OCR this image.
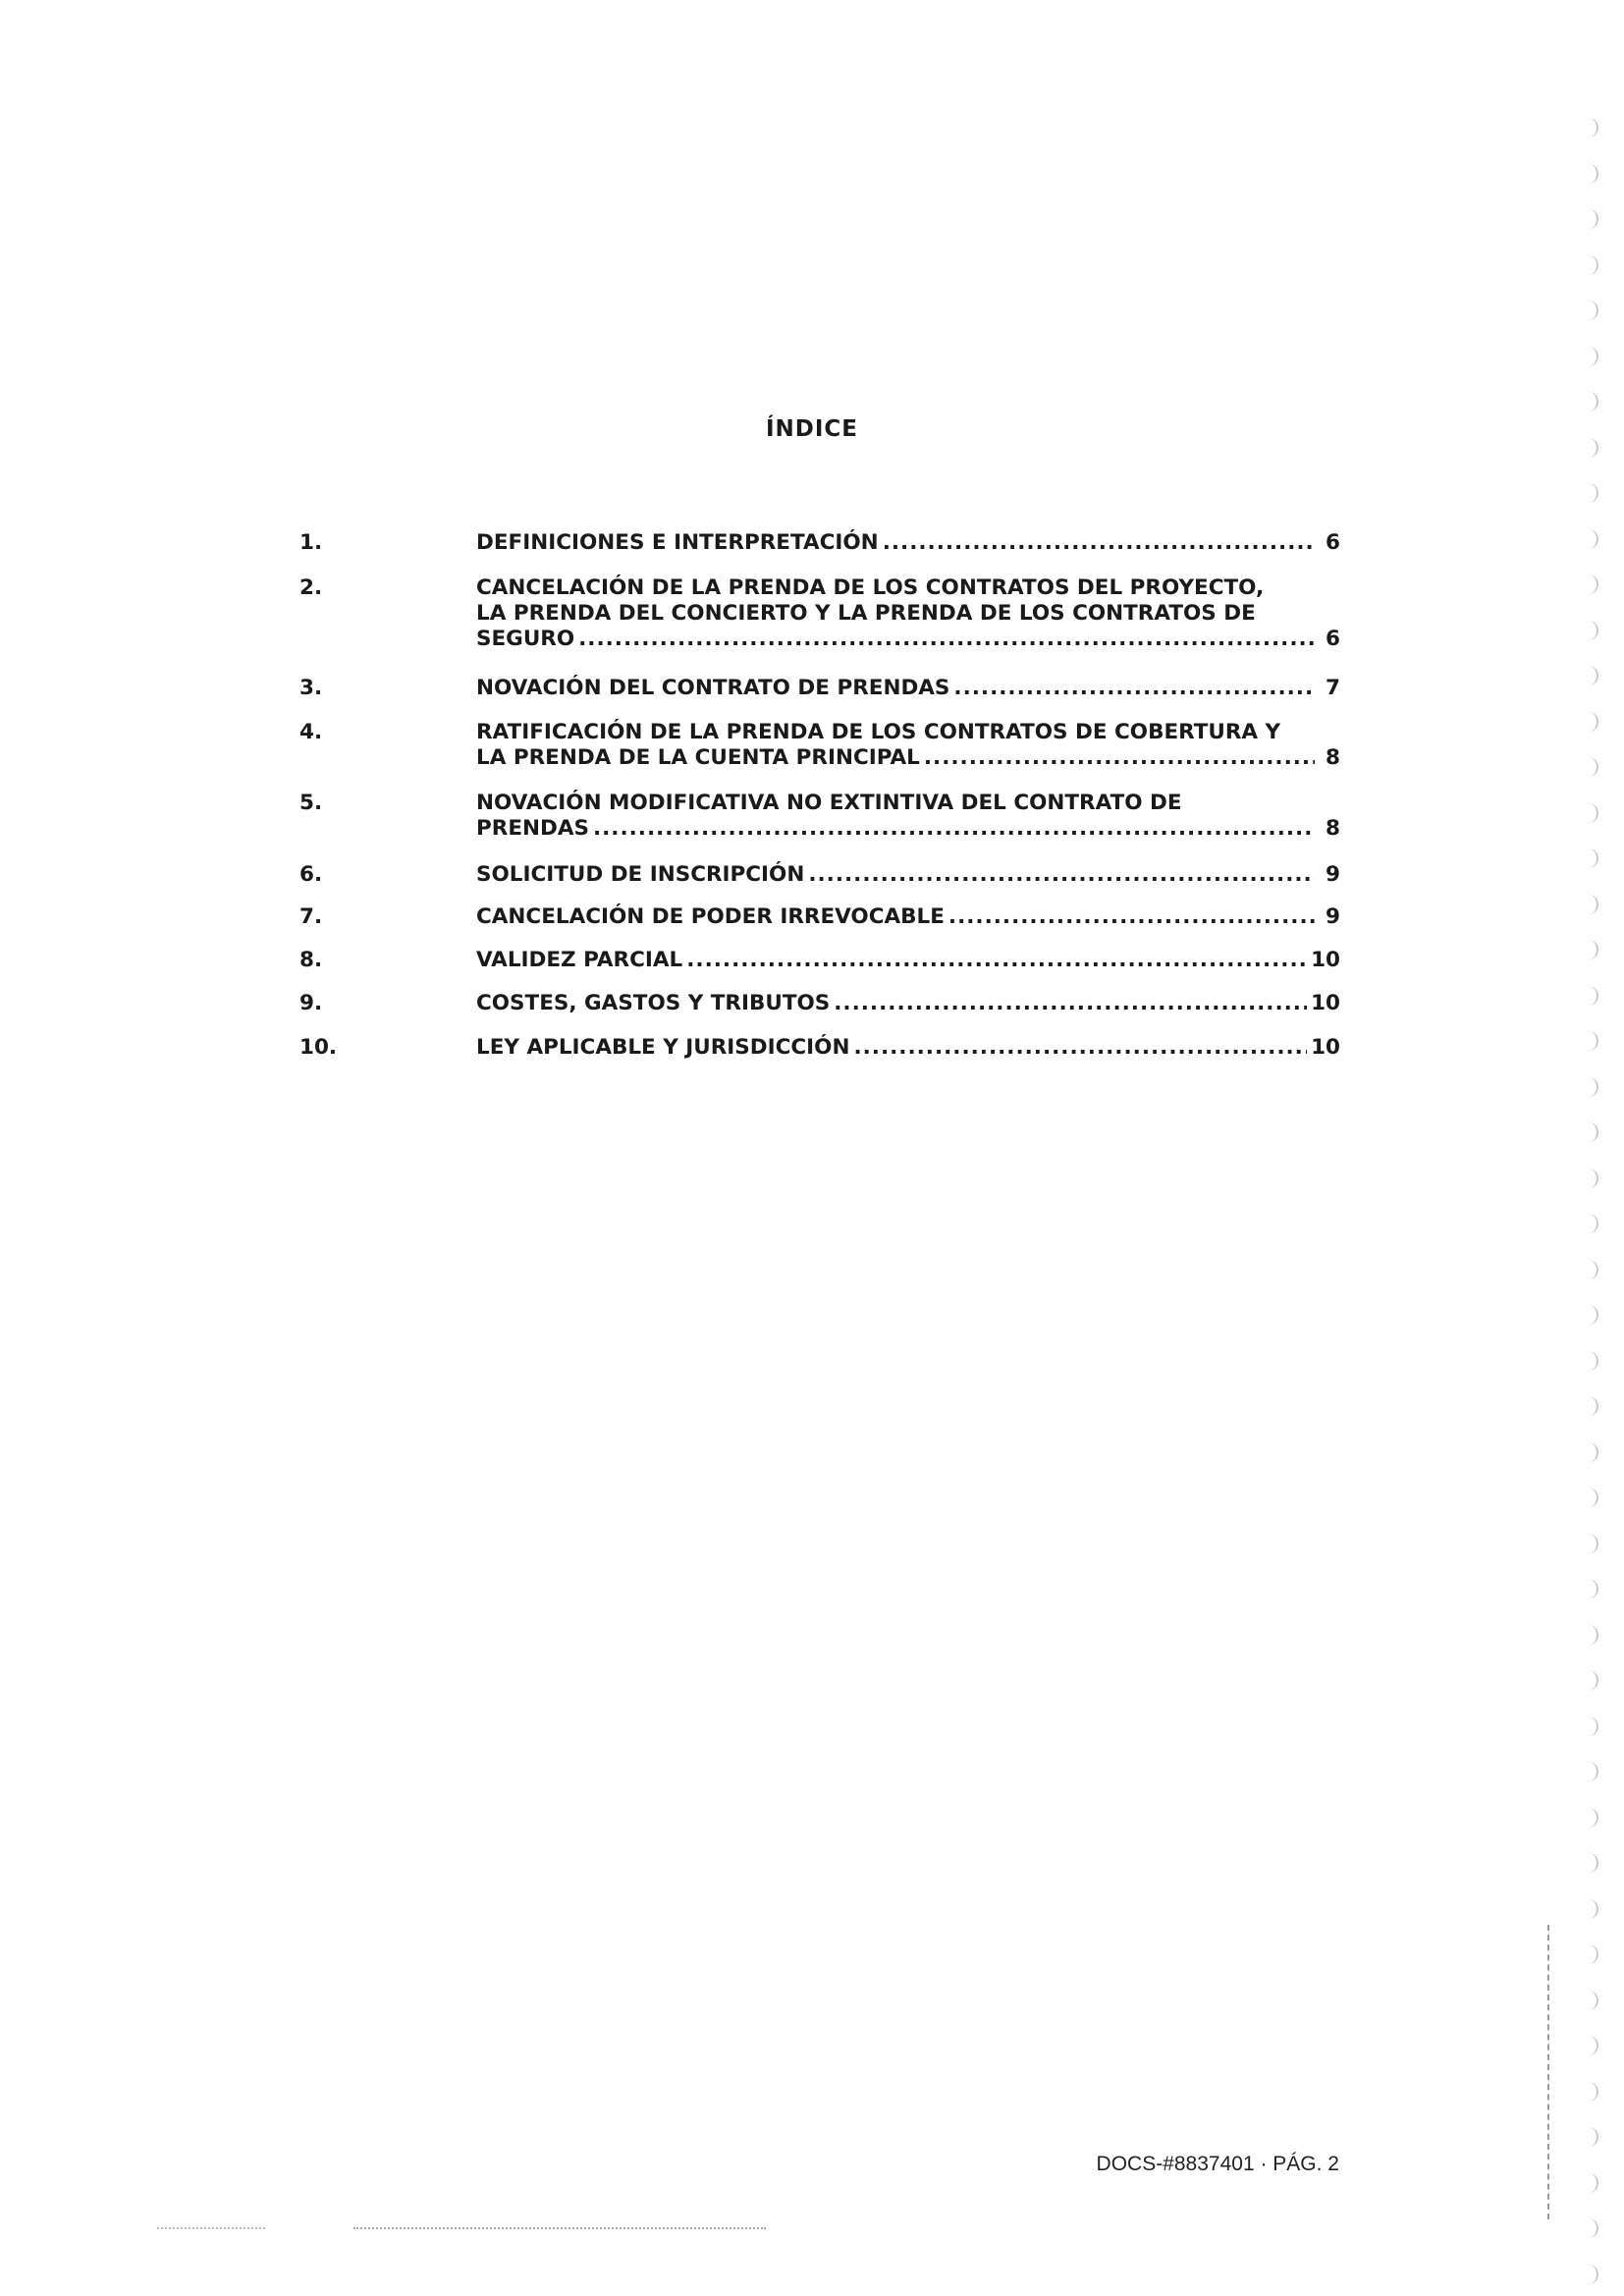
ÍNDICE
1.	DEFINICIONES E INTERPRETACIÓN .....	6
2.	CANCELACIÓN DE LA PRENDA DE LOS CONTRATOS DEL PROYECTO,
LA PRENDA DEL CONCIERTO Y LA PRENDA DE LOS CONTRATOS DE
SEGURO .....	6
3.	NOVACIÓN DEL CONTRATO DE PRENDAS .....	7
4.	RATIFICACIÓN DE LA PRENDA DE LOS CONTRATOS DE COBERTURA Y
LA PRENDA DE LA CUENTA PRINCIPAL .....	8
5.	NOVACIÓN MODIFICATIVA NO EXTINTIVA DEL CONTRATO DE
PRENDAS .....	8
6.	SOLICITUD DE INSCRIPCIÓN .....	9
7.	CANCELACIÓN DE PODER IRREVOCABLE .....	9
8.	VALIDEZ PARCIAL .....	10
9.	COSTES, GASTOS Y TRIBUTOS .....	10
10.	LEY APLICABLE Y JURISDICCIÓN .....	10
DOCS-#8837401 · PÁG. 2
